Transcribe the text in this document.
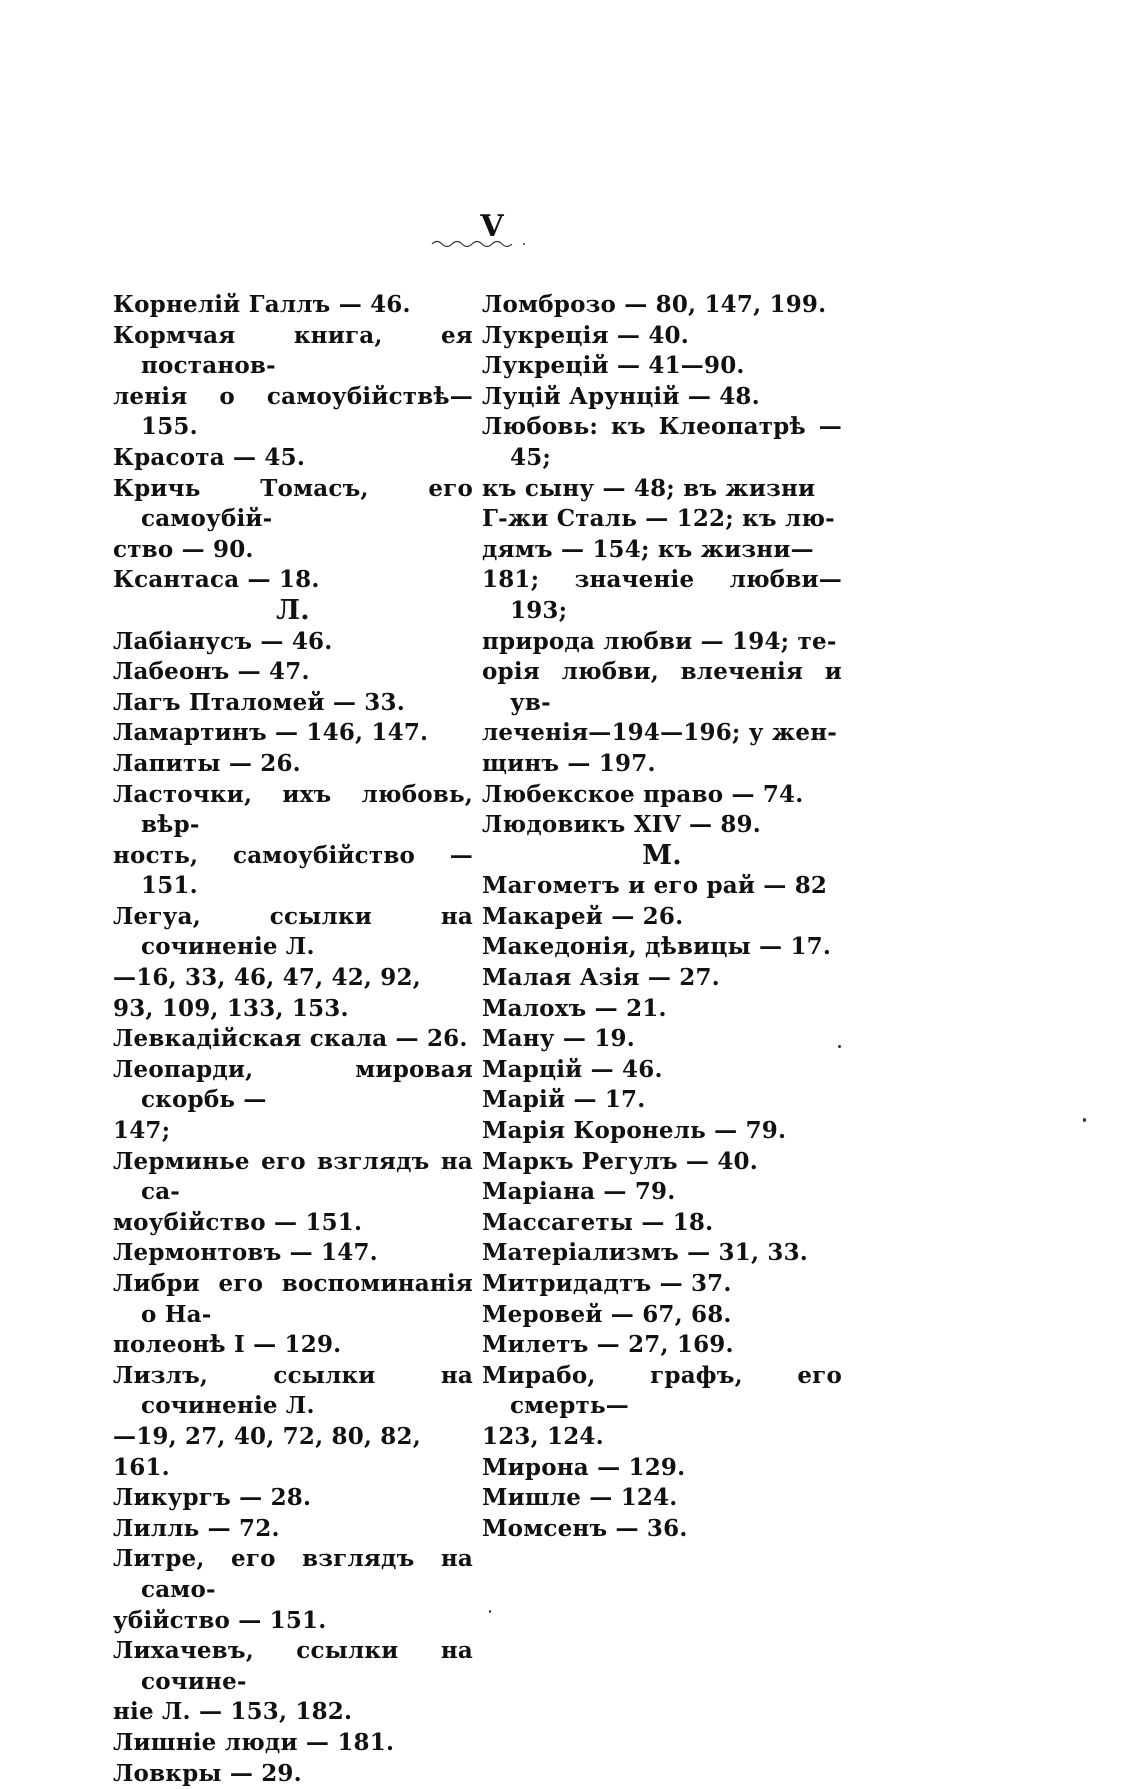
Ⅴ
Корнелій Галлъ — 46.
Кормчая книга, ея постанов-
ленія о самоубійствѣ—155.
Красота — 45.
Кричь Томасъ, его самоубій-
ство — 90.
Ксантаса — 18.
Л.
Лабіанусъ — 46.
Лабеонъ — 47.
Лагъ Пталомей — 33.
Ламартинъ — 146, 147.
Лапиты — 26.
Ласточки, ихъ любовь, вѣр-
ность, самоубійство — 151.
Легуа, ссылки на сочиненіе Л.
—16, 33, 46, 47, 42, 92,
93, 109, 133, 153.
Левкадійская скала — 26.
Леопарди, мировая скорбь —
147;
Лерминье его взглядъ на са-
моубійство — 151.
Лермонтовъ — 147.
Либри его воспоминанія о На-
полеонѣ I — 129.
Лизлъ, ссылки на сочиненіе Л.
—19, 27, 40, 72, 80, 82,
161.
Ликургъ — 28.
Лилль — 72.
Литре, его взглядъ на само-
убійство — 151.
Лихачевъ, ссылки на сочине-
ніе Л. — 153, 182.
Лишніе люди — 181.
Ловкры — 29.
Ломброзо — 80, 147, 199.
Лукреція — 40.
Лукрецій — 41—90.
Луцій Аpунцій — 48.
Любовь: къ Клеопатрѣ — 45;
къ сыну — 48; въ жизни
Г-жи Сталь — 122; къ лю-
дямъ — 154; къ жизни—
181; значеніе любви—193;
природа любви — 194; те-
орія любви, влеченія и ув-
леченія—194—196; у жен-
щинъ — 197.
Любекское право — 74.
Людовикъ XIV — 89.
М.
Магометъ и его рай — 82
Макарей — 26.
Македонія, дѣвицы — 17.
Малая Азія — 27.
Малохъ — 21.
Ману — 19.
Марцій — 46.
Марій — 17.
Марія Коронель — 79.
Маркъ Регулъ — 40.
Маріана — 79.
Массагеты — 18.
Матеріализмъ — 31, 33.
Митридадтъ — 37.
Меровей — 67, 68.
Милетъ — 27, 169.
Мирабо, графъ, его смерть—
123, 124.
Мирона — 129.
Мишле — 124.
Момсенъ — 36.
